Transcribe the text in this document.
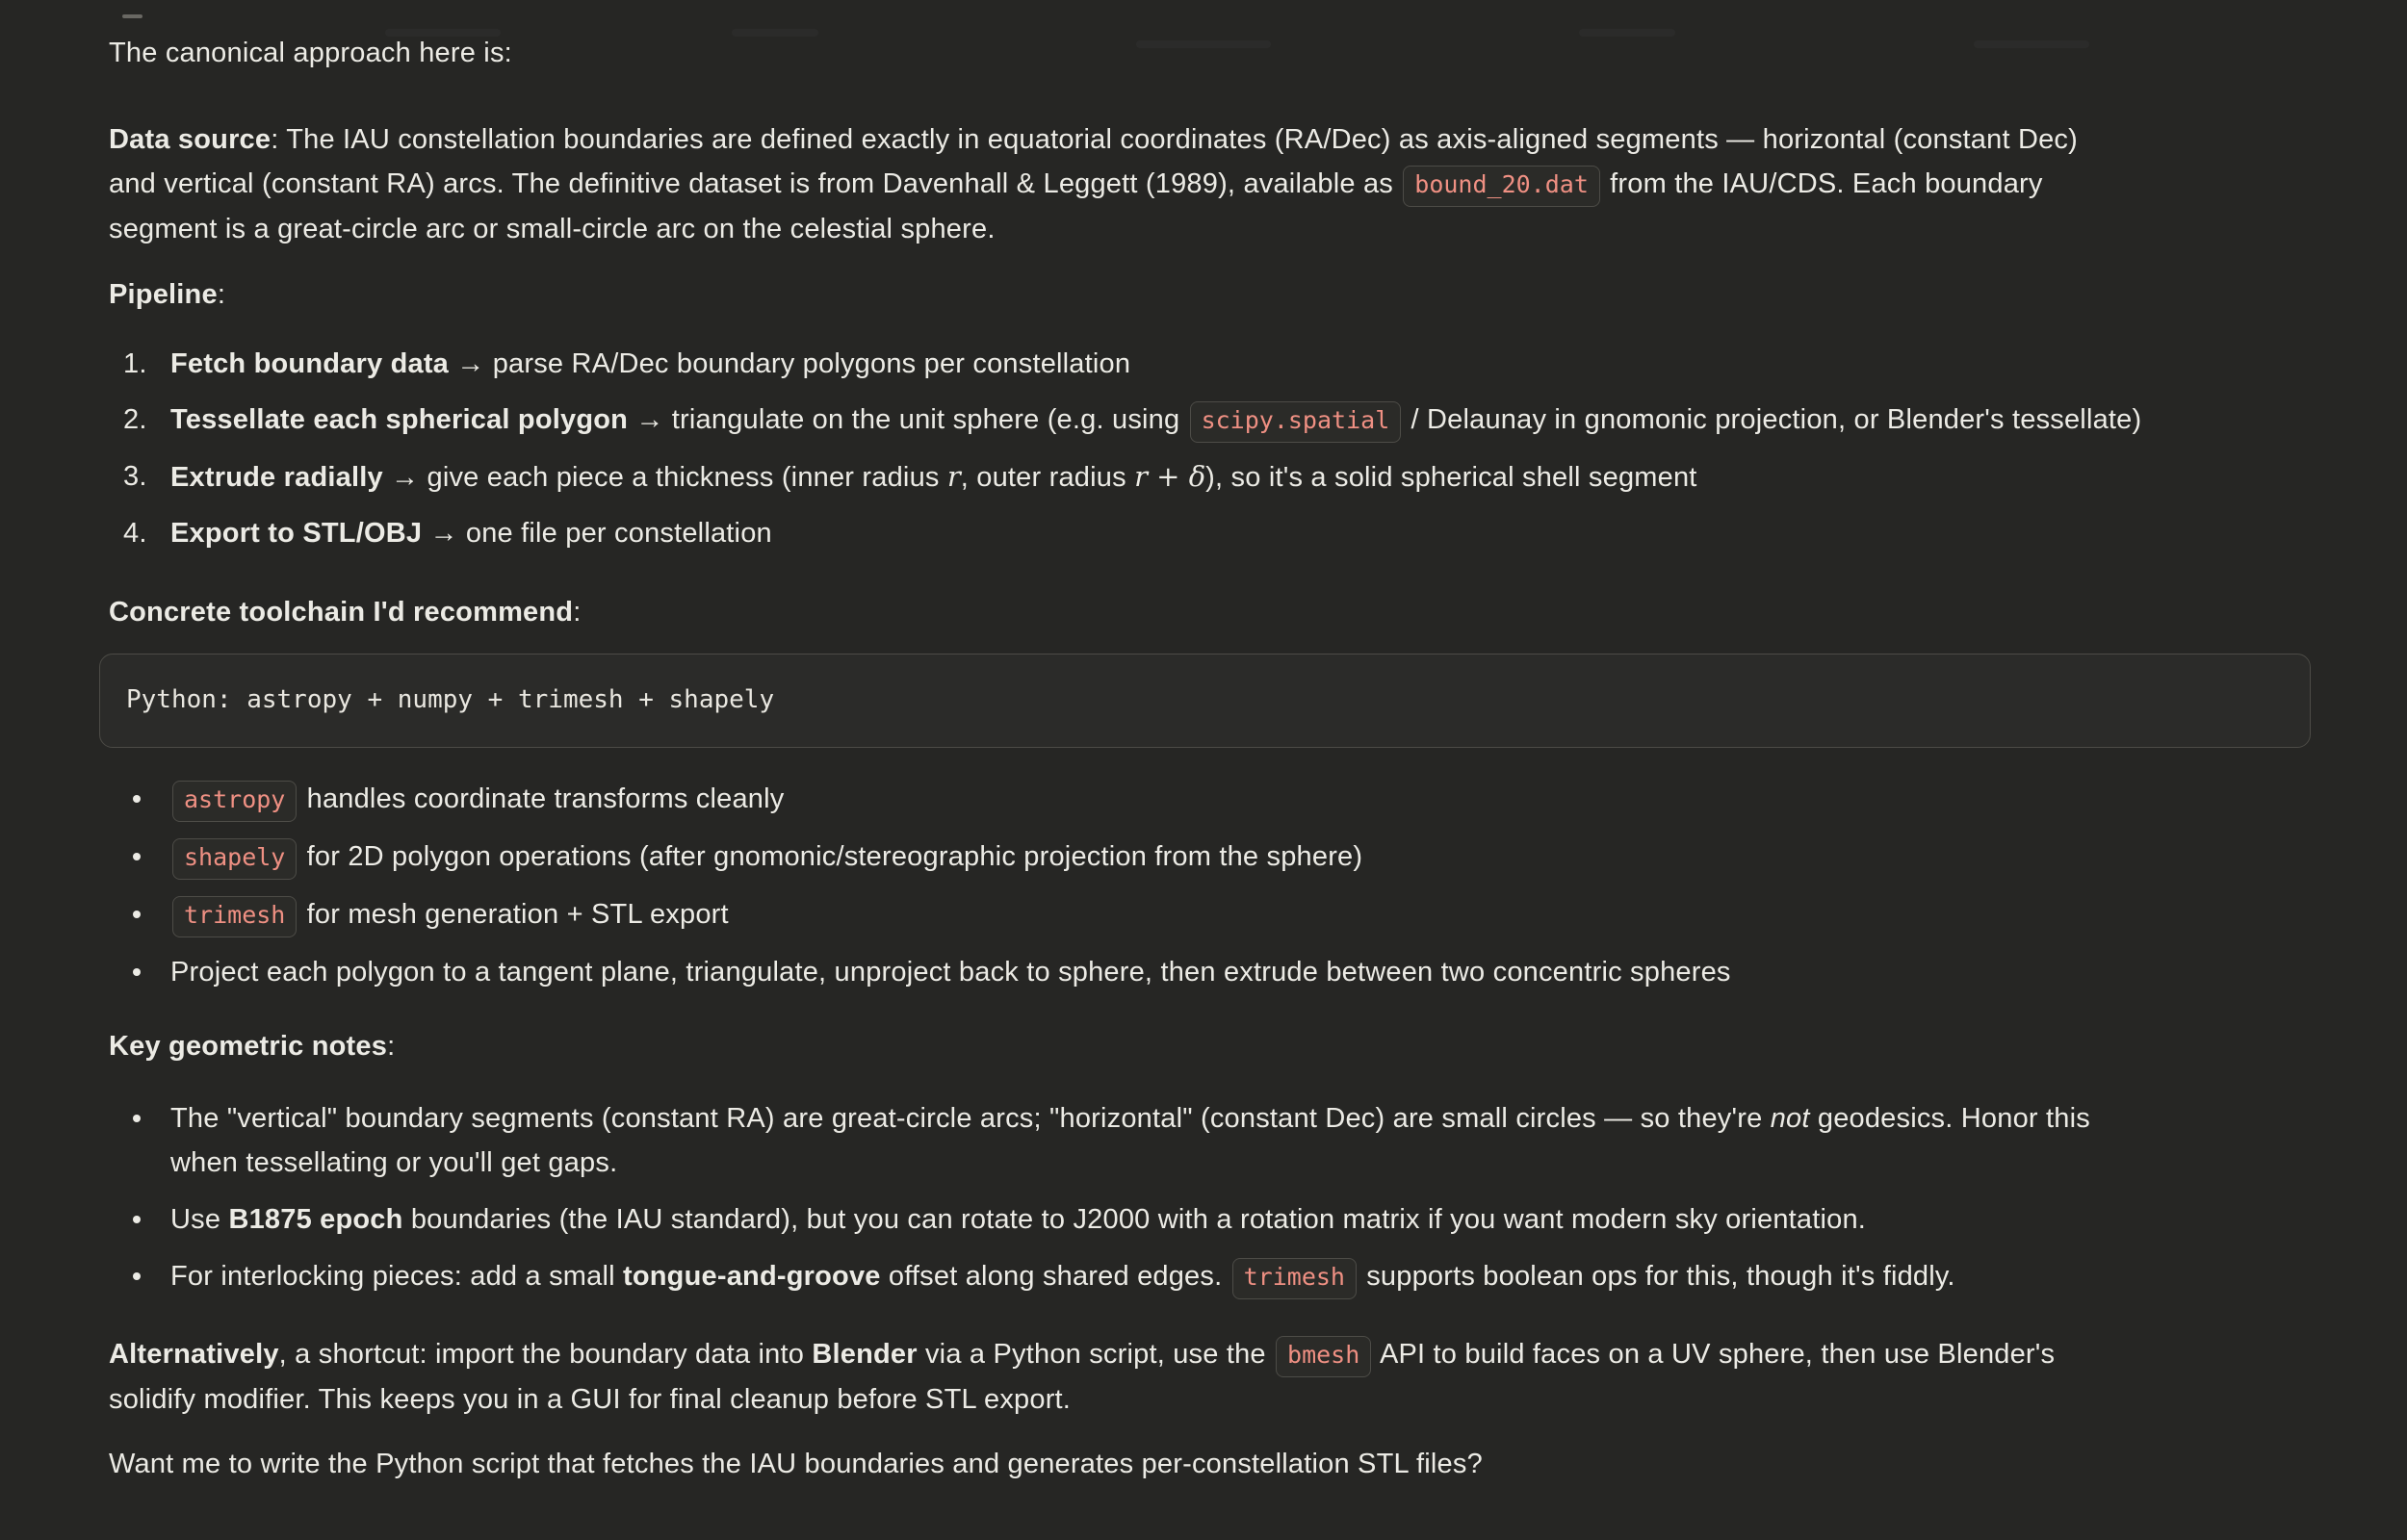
The canonical approach here is:

Data source: The IAU constellation boundaries are defined exactly in equatorial coordinates (RA/Dec) as axis-aligned segments — horizontal (constant Dec)
and vertical (constant RA) arcs. The definitive dataset is from Davenhall & Leggett (1989), available as bound_20.dat from the IAU/CDS. Each boundary
segment is a great-circle arc or small-circle arc on the celestial sphere.

Pipeline:

1. Fetch boundary data → parse RA/Dec boundary polygons per constellation
2. Tessellate each spherical polygon → triangulate on the unit sphere (e.g. using scipy.spatial / Delaunay in gnomonic projection, or Blender's tessellate)
3. Extrude radially → give each piece a thickness (inner radius r, outer radius r + δ), so it's a solid spherical shell segment
4. Export to STL/OBJ → one file per constellation

Concrete toolchain I'd recommend:

Python: astropy + numpy + trimesh + shapely
astropy handles coordinate transforms cleanly
shapely for 2D polygon operations (after gnomonic/stereographic projection from the sphere)
trimesh for mesh generation + STL export
Project each polygon to a tangent plane, triangulate, unproject back to sphere, then extrude between two concentric spheres

Key geometric notes:

The "vertical" boundary segments (constant RA) are great-circle arcs; "horizontal" (constant Dec) are small circles — so they're not geodesics. Honor this
when tessellating or you'll get gaps.
Use B1875 epoch boundaries (the IAU standard), but you can rotate to J2000 with a rotation matrix if you want modern sky orientation.
For interlocking pieces: add a small tongue-and-groove offset along shared edges. trimesh supports boolean ops for this, though it's fiddly.

Alternatively, a shortcut: import the boundary data into Blender via a Python script, use the bmesh API to build faces on a UV sphere, then use Blender's
solidify modifier. This keeps you in a GUI for final cleanup before STL export.

Want me to write the Python script that fetches the IAU boundaries and generates per-constellation STL files?
